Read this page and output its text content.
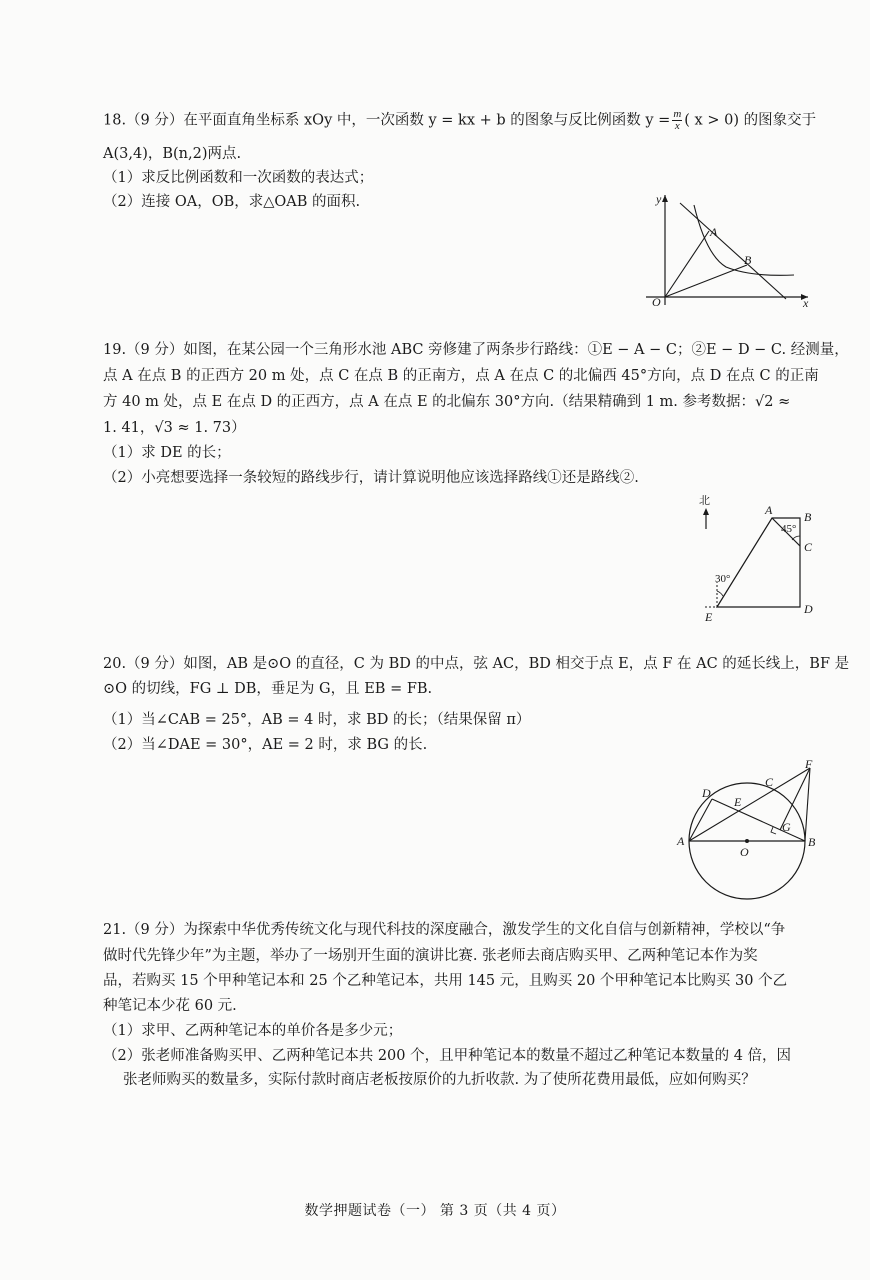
18.（9 分）在平面直角坐标系 xOy 中，一次函数 y = kx + b 的图象与反比例函数 $y = \frac{m}{x}$ ( x > 0) 的图象交于
A(3,4)，B(n,2)两点.
（1）求反比例函数和一次函数的表达式；
（2）连接 OA，OB，求△OAB 的面积.	y
x
O
A
B
19.（9 分）如图，在某公园一个三角形水池 ABC 旁修建了两条步行路线：①E − A − C；②E − D − C. 经测量，
点 A 在点 B 的正西方 20 m 处，点 C 在点 B 的正南方，点 A 在点 C 的北偏西 45°方向，点 D 在点 C 的正南
方 40 m 处，点 E 在点 D 的正西方，点 A 在点 E 的北偏东 30°方向.（结果精确到 1 m. 参考数据：√2 ≈
1. 41，√3 ≈ 1. 73）
（1）求 DE 的长；
（2）小亮想要选择一条较短的路线步行，请计算说明他应该选择路线①还是路线②.
北
A	B
C
D
E
45°
30°
20.（9 分）如图，AB 是⊙O 的直径，C 为 BD 的中点，弦 AC，BD 相交于点 E，点 F 在 AC 的延长线上，BF 是
⊙O 的切线，FG ⊥ DB，垂足为 G，且 EB = FB.
（1）当∠CAB = 25°，AB = 4 时，求 BD 的长；（结果保留 π）
（2）当∠DAE = 30°，AE = 2 时，求 BG 的长.
A	B
C
D
E
F
G
O
21.（9 分）为探索中华优秀传统文化与现代科技的深度融合，激发学生的文化自信与创新精神，学校以“争
做时代先锋少年”为主题，举办了一场别开生面的演讲比赛. 张老师去商店购买甲、乙两种笔记本作为奖
品，若购买 15 个甲种笔记本和 25 个乙种笔记本，共用 145 元，且购买 20 个甲种笔记本比购买 30 个乙
种笔记本少花 60 元.
（1）求甲、乙两种笔记本的单价各是多少元；
（2）张老师准备购买甲、乙两种笔记本共 200 个，且甲种笔记本的数量不超过乙种笔记本数量的 4 倍，因
张老师购买的数量多，实际付款时商店老板按原价的九折收款. 为了使所花费用最低，应如何购买？
数学押题试卷（一） 第 3 页（共 4 页）
